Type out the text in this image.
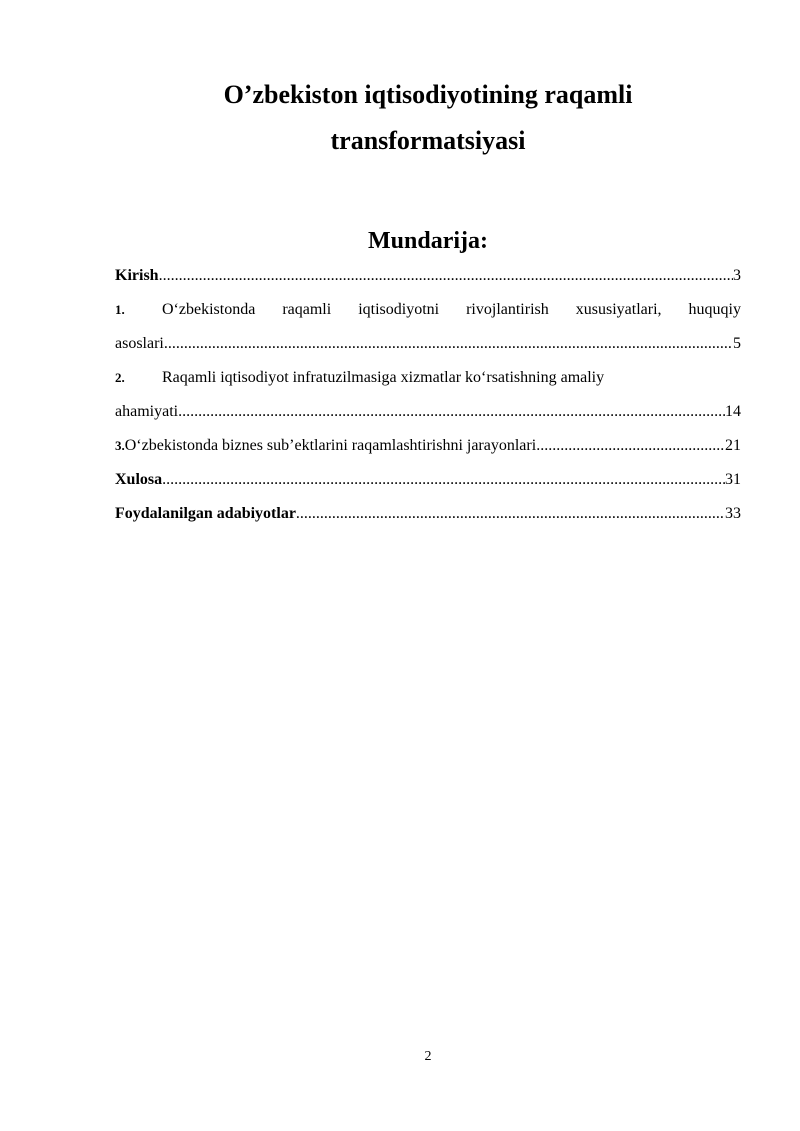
O’zbekiston iqtisodiyotining raqamli
transformatsiyasi
Mundarija:
Kirish .....	3
1.	O‘zbekistonda raqamli iqtisodiyotni rivojlantirish xususiyatlari, huquqiy
asoslari .....	5
2. Raqamli iqtisodiyot infratuzilmasiga xizmatlar ko‘rsatishning amaliy
ahamiyati .....	14
3. O‘zbekistonda biznes sub’ektlarini raqamlashtirishni jarayonlari .....	21
Xulosa .....	31
Foydalanilgan adabiyotlar .....	33
2
